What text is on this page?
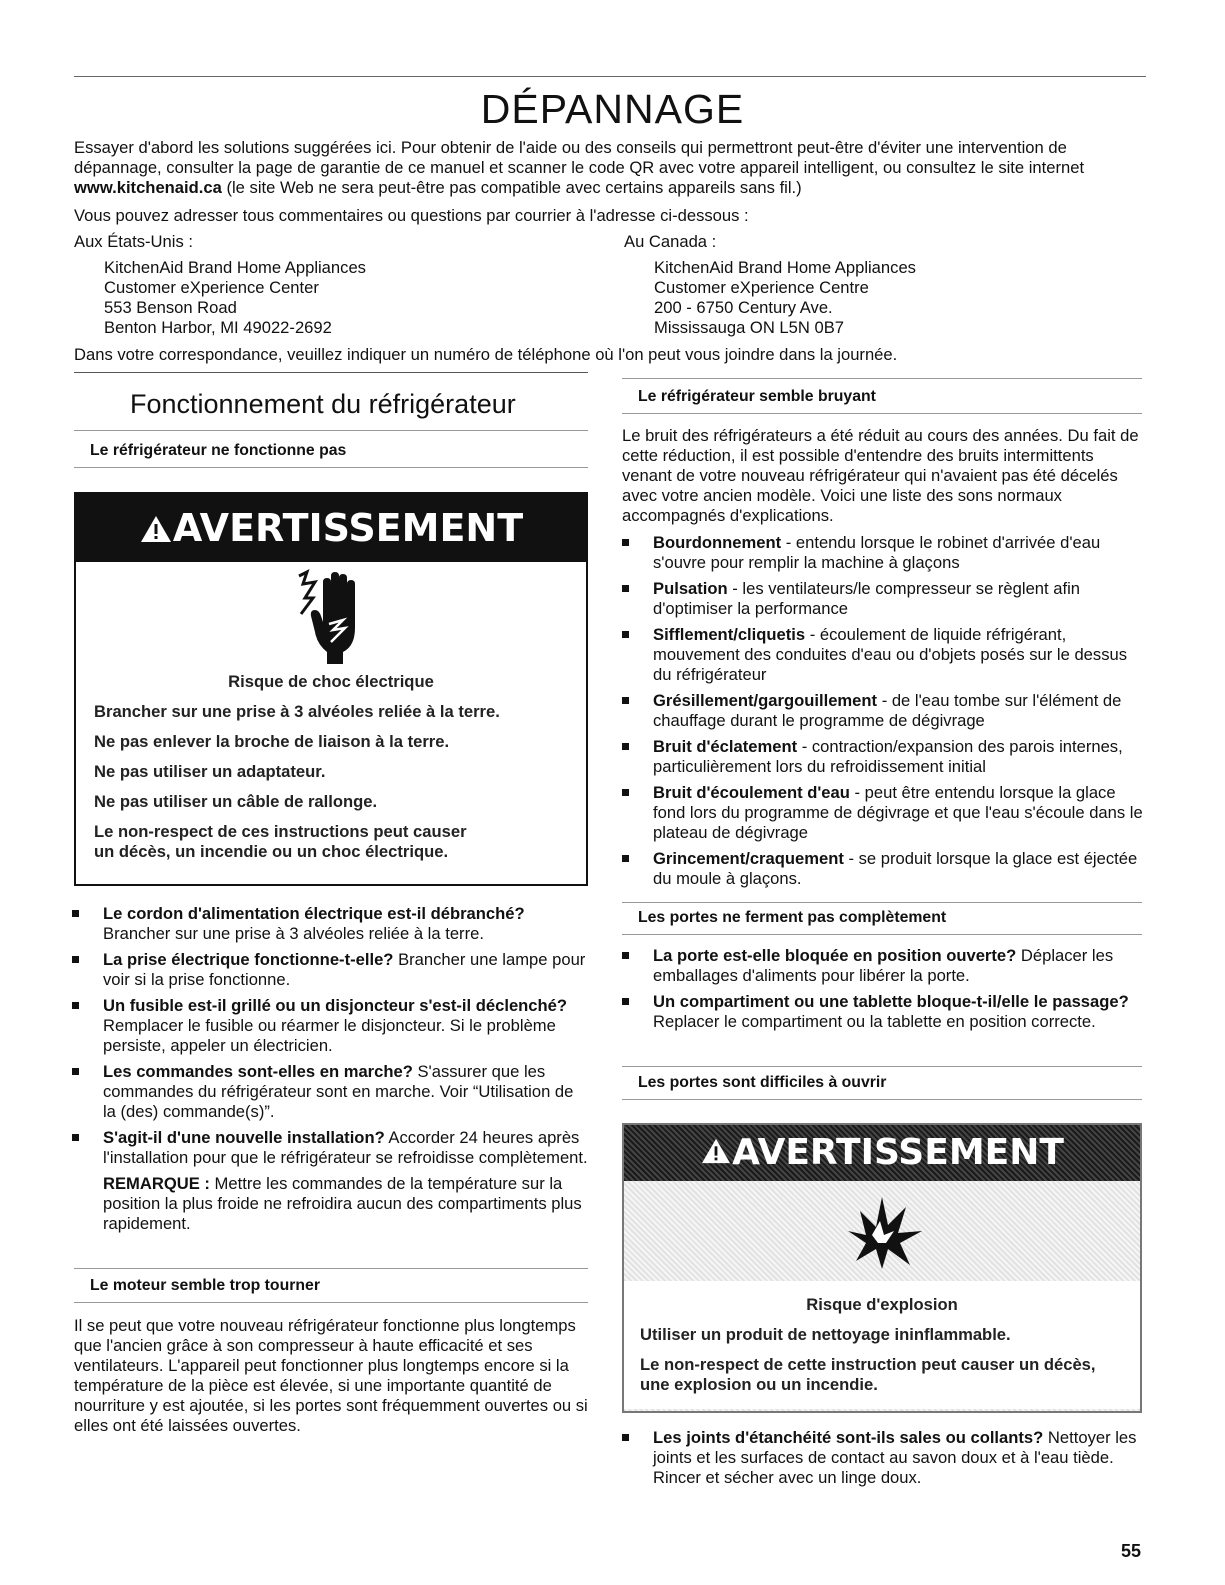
DÉPANNAGE

Essayer d'abord les solutions suggérées ici. Pour obtenir de l'aide ou des conseils qui permettront peut-être d'éviter une intervention de dépannage, consulter la page de garantie de ce manuel et scanner le code QR avec votre appareil intelligent, ou consultez le site internet www.kitchenaid.ca (le site Web ne sera peut-être pas compatible avec certains appareils sans fil.)

Vous pouvez adresser tous commentaires ou questions par courrier à l'adresse ci-dessous :

Aux États-Unis :

KitchenAid Brand Home Appliances
Customer eXperience Center
553 Benson Road
Benton Harbor, MI 49022-2692

Au Canada :

KitchenAid Brand Home Appliances
Customer eXperience Centre
200 - 6750 Century Ave.
Mississauga ON L5N 0B7

Dans votre correspondance, veuillez indiquer un numéro de téléphone où l'on peut vous joindre dans la journée.

Fonctionnement du réfrigérateur

Le réfrigérateur ne fonctionne pas

AVERTISSEMENT
Risque de choc électrique
Brancher sur une prise à 3 alvéoles reliée à la terre.
Ne pas enlever la broche de liaison à la terre.
Ne pas utiliser un adaptateur.
Ne pas utiliser un câble de rallonge.
Le non-respect de ces instructions peut causer
un décès, un incendie ou un choc électrique.
Le cordon d'alimentation électrique est-il débranché? Brancher sur une prise à 3 alvéoles reliée à la terre.
La prise électrique fonctionne-t-elle? Brancher une lampe pour voir si la prise fonctionne.
Un fusible est-il grillé ou un disjoncteur s'est-il déclenché? Remplacer le fusible ou réarmer le disjoncteur. Si le problème persiste, appeler un électricien.
Les commandes sont-elles en marche? S'assurer que les commandes du réfrigérateur sont en marche. Voir “Utilisation de la (des) commande(s)”.
S'agit-il d'une nouvelle installation? Accorder 24 heures après l'installation pour que le réfrigérateur se refroidisse complètement.
REMARQUE : Mettre les commandes de la température sur la position la plus froide ne refroidira aucun des compartiments plus rapidement.

Le moteur semble trop tourner

Il se peut que votre nouveau réfrigérateur fonctionne plus longtemps que l'ancien grâce à son compresseur à haute efficacité et ses ventilateurs. L'appareil peut fonctionner plus longtemps encore si la température de la pièce est élevée, si une importante quantité de nourriture y est ajoutée, si les portes sont fréquemment ouvertes ou si elles ont été laissées ouvertes.

Le réfrigérateur semble bruyant

Le bruit des réfrigérateurs a été réduit au cours des années. Du fait de cette réduction, il est possible d'entendre des bruits intermittents venant de votre nouveau réfrigérateur qui n'avaient pas été décelés avec votre ancien modèle. Voici une liste des sons normaux accompagnés d'explications.

Bourdonnement - entendu lorsque le robinet d'arrivée d'eau s'ouvre pour remplir la machine à glaçons
Pulsation - les ventilateurs/le compresseur se règlent afin d'optimiser la performance
Sifflement/cliquetis - écoulement de liquide réfrigérant, mouvement des conduites d'eau ou d'objets posés sur le dessus du réfrigérateur
Grésillement/gargouillement - de l'eau tombe sur l'élément de chauffage durant le programme de dégivrage
Bruit d'éclatement - contraction/expansion des parois internes, particulièrement lors du refroidissement initial
Bruit d'écoulement d'eau - peut être entendu lorsque la glace fond lors du programme de dégivrage et que l'eau s'écoule dans le plateau de dégivrage
Grincement/craquement - se produit lorsque la glace est éjectée du moule à glaçons.

Les portes ne ferment pas complètement

La porte est-elle bloquée en position ouverte? Déplacer les emballages d'aliments pour libérer la porte.
Un compartiment ou une tablette bloque-t-il/elle le passage? Replacer le compartiment ou la tablette en position correcte.

Les portes sont difficiles à ouvrir

AVERTISSEMENT
Risque d'explosion
Utiliser un produit de nettoyage ininflammable.
Le non-respect de cette instruction peut causer un décès, une explosion ou un incendie.
Les joints d'étanchéité sont-ils sales ou collants? Nettoyer les joints et les surfaces de contact au savon doux et à l'eau tiède. Rincer et sécher avec un linge doux.
55
